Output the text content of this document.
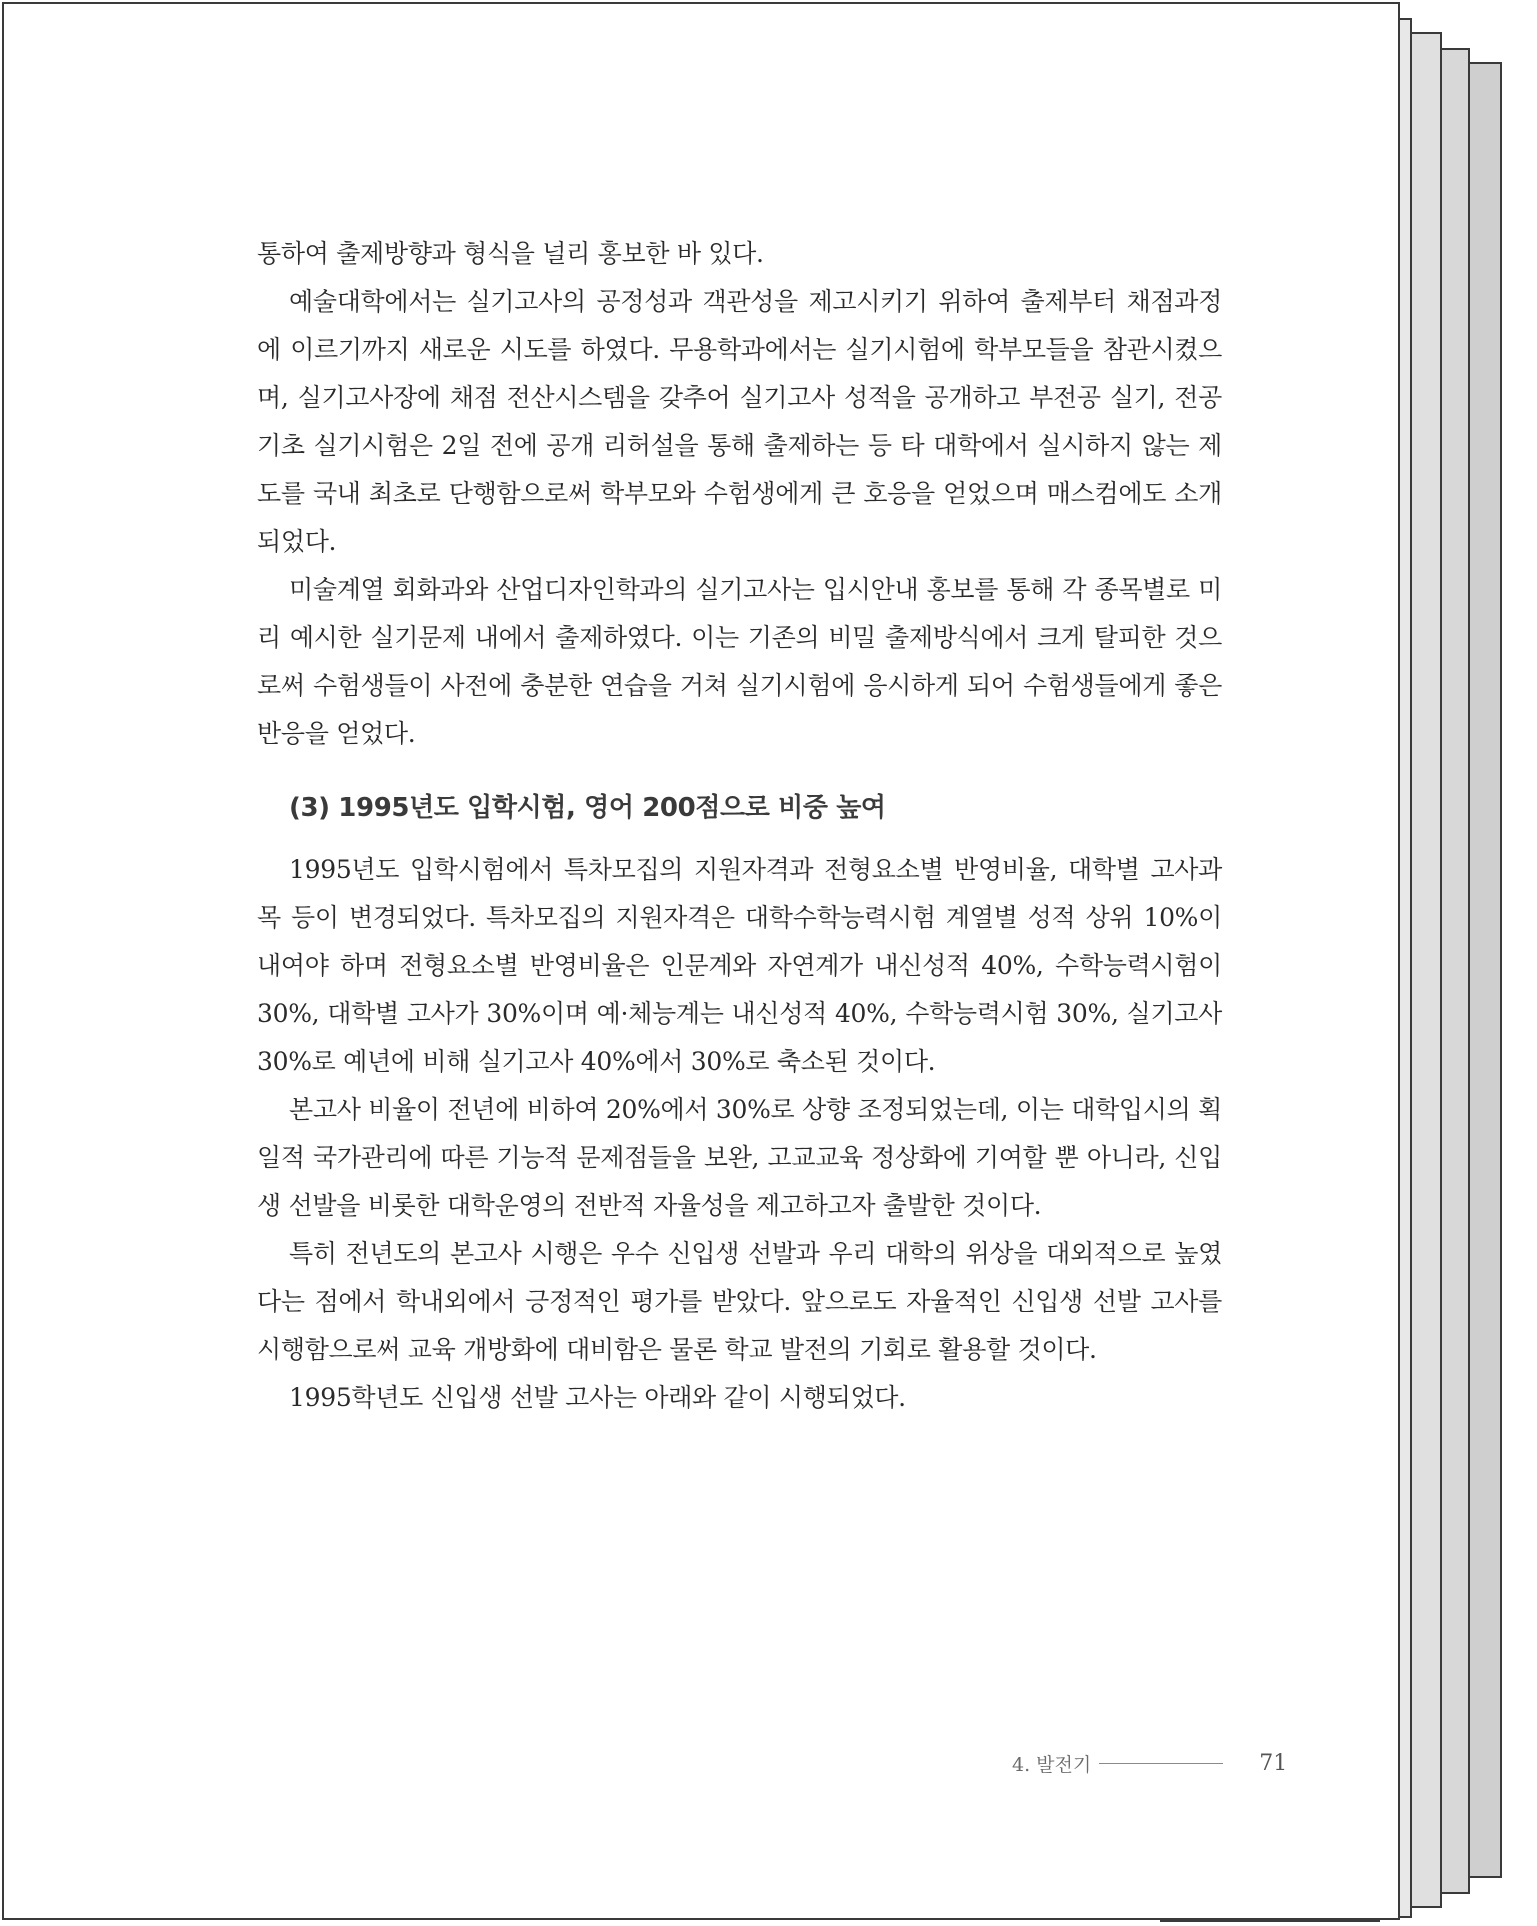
통하여 출제방향과 형식을 널리 홍보한 바 있다.

예술대학에서는 실기고사의 공정성과 객관성을 제고시키기 위하여 출제부터 채점과정에 이르기까지 새로운 시도를 하였다. 무용학과에서는 실기시험에 학부모들을 참관시켰으며, 실기고사장에 채점 전산시스템을 갖추어 실기고사 성적을 공개하고 부전공 실기, 전공기초 실기시험은 2일 전에 공개 리허설을 통해 출제하는 등 타 대학에서 실시하지 않는 제도를 국내 최초로 단행함으로써 학부모와 수험생에게 큰 호응을 얻었으며 매스컴에도 소개되었다.

미술계열 회화과와 산업디자인학과의 실기고사는 입시안내 홍보를 통해 각 종목별로 미리 예시한 실기문제 내에서 출제하였다. 이는 기존의 비밀 출제방식에서 크게 탈피한 것으로써 수험생들이 사전에 충분한 연습을 거쳐 실기시험에 응시하게 되어 수험생들에게 좋은 반응을 얻었다.

(3) 1995년도 입학시험, 영어 200점으로 비중 높여

1995년도 입학시험에서 특차모집의 지원자격과 전형요소별 반영비율, 대학별 고사과목 등이 변경되었다. 특차모집의 지원자격은 대학수학능력시험 계열별 성적 상위 10%이내여야 하며 전형요소별 반영비율은 인문계와 자연계가 내신성적 40%, 수학능력시험이 30%, 대학별 고사가 30%이며 예·체능계는 내신성적 40%, 수학능력시험 30%, 실기고사 30%로 예년에 비해 실기고사 40%에서 30%로 축소된 것이다.

본고사 비율이 전년에 비하여 20%에서 30%로 상향 조정되었는데, 이는 대학입시의 획일적 국가관리에 따른 기능적 문제점들을 보완, 고교교육 정상화에 기여할 뿐 아니라, 신입생 선발을 비롯한 대학운영의 전반적 자율성을 제고하고자 출발한 것이다.

특히 전년도의 본고사 시행은 우수 신입생 선발과 우리 대학의 위상을 대외적으로 높였다는 점에서 학내외에서 긍정적인 평가를 받았다. 앞으로도 자율적인 신입생 선발 고사를 시행함으로써 교육 개방화에 대비함은 물론 학교 발전의 기회로 활용할 것이다.

1995학년도 신입생 선발 고사는 아래와 같이 시행되었다.

4. 발전기	71
